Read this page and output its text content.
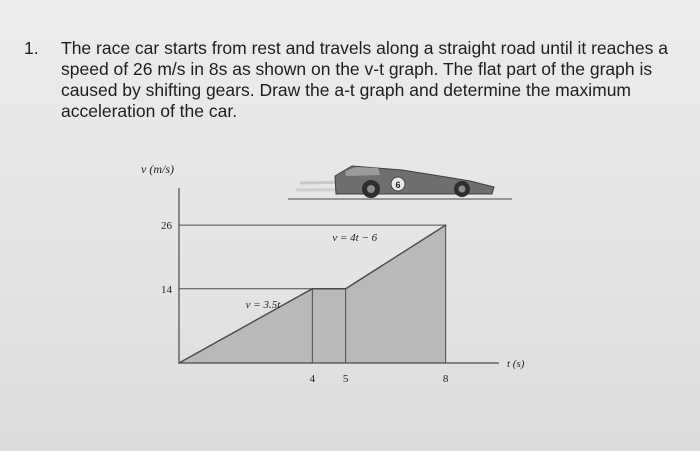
1. The race car starts from rest and travels along a straight road until it reaches a
speed of 26 m/s in 8s as shown on the v-t graph. The flat part of the graph is
caused by shifting gears. Draw the a-t graph and determine the maximum
acceleration of the car.
4	5	8
14
26
v (m/s)
t (s)
v = 3.5t
v = 4t − 6
6
